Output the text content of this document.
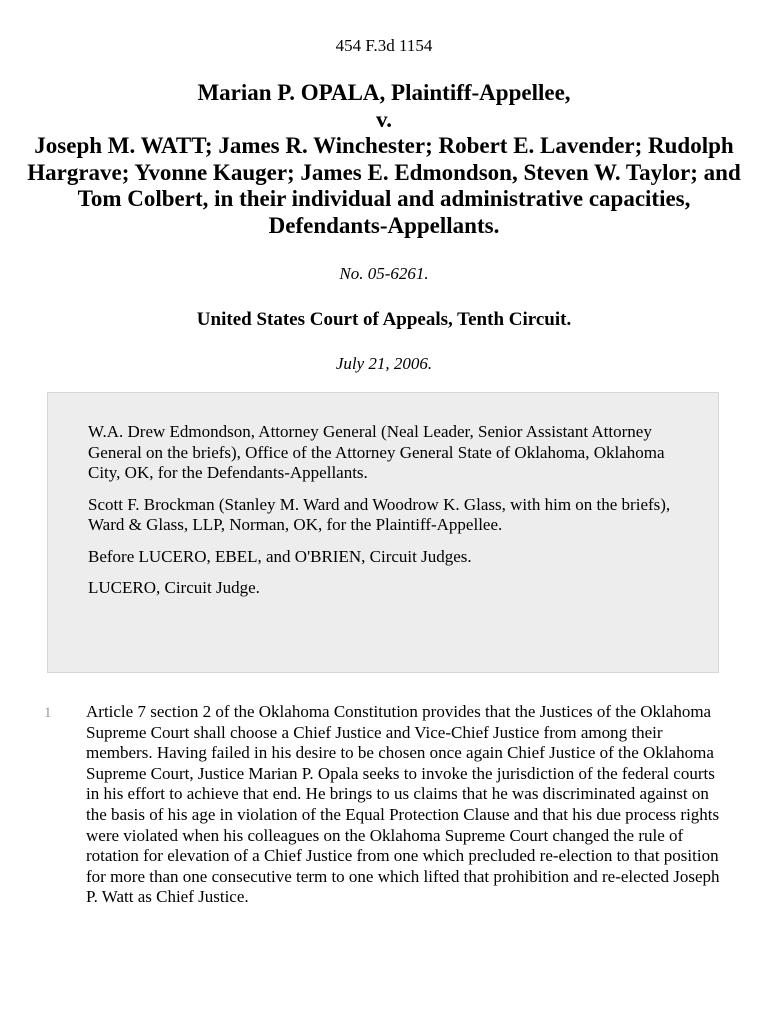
454 F.3d 1154
Marian P. OPALA, Plaintiff-Appellee,
v.
Joseph M. WATT; James R. Winchester; Robert E. Lavender; Rudolph Hargrave; Yvonne Kauger; James E. Edmondson, Steven W. Taylor; and Tom Colbert, in their individual and administrative capacities, Defendants-Appellants.
No. 05-6261.
United States Court of Appeals, Tenth Circuit.
July 21, 2006.

W.A. Drew Edmondson, Attorney General (Neal Leader, Senior Assistant Attorney General on the briefs), Office of the Attorney General State of Oklahoma, Oklahoma City, OK, for the Defendants-Appellants.

Scott F. Brockman (Stanley M. Ward and Woodrow K. Glass, with him on the briefs), Ward & Glass, LLP, Norman, OK, for the Plaintiff-Appellee.

Before LUCERO, EBEL, and O'BRIEN, Circuit Judges.

LUCERO, Circuit Judge.

1 Article 7 section 2 of the Oklahoma Constitution provides that the Justices of the Oklahoma Supreme Court shall choose a Chief Justice and Vice-Chief Justice from among their members. Having failed in his desire to be chosen once again Chief Justice of the Oklahoma Supreme Court, Justice Marian P. Opala seeks to invoke the jurisdiction of the federal courts in his effort to achieve that end. He brings to us claims that he was discriminated against on the basis of his age in violation of the Equal Protection Clause and that his due process rights were violated when his colleagues on the Oklahoma Supreme Court changed the rule of rotation for elevation of a Chief Justice from one which precluded re-election to that position for more than one consecutive term to one which lifted that prohibition and re-elected Joseph P. Watt as Chief Justice.
